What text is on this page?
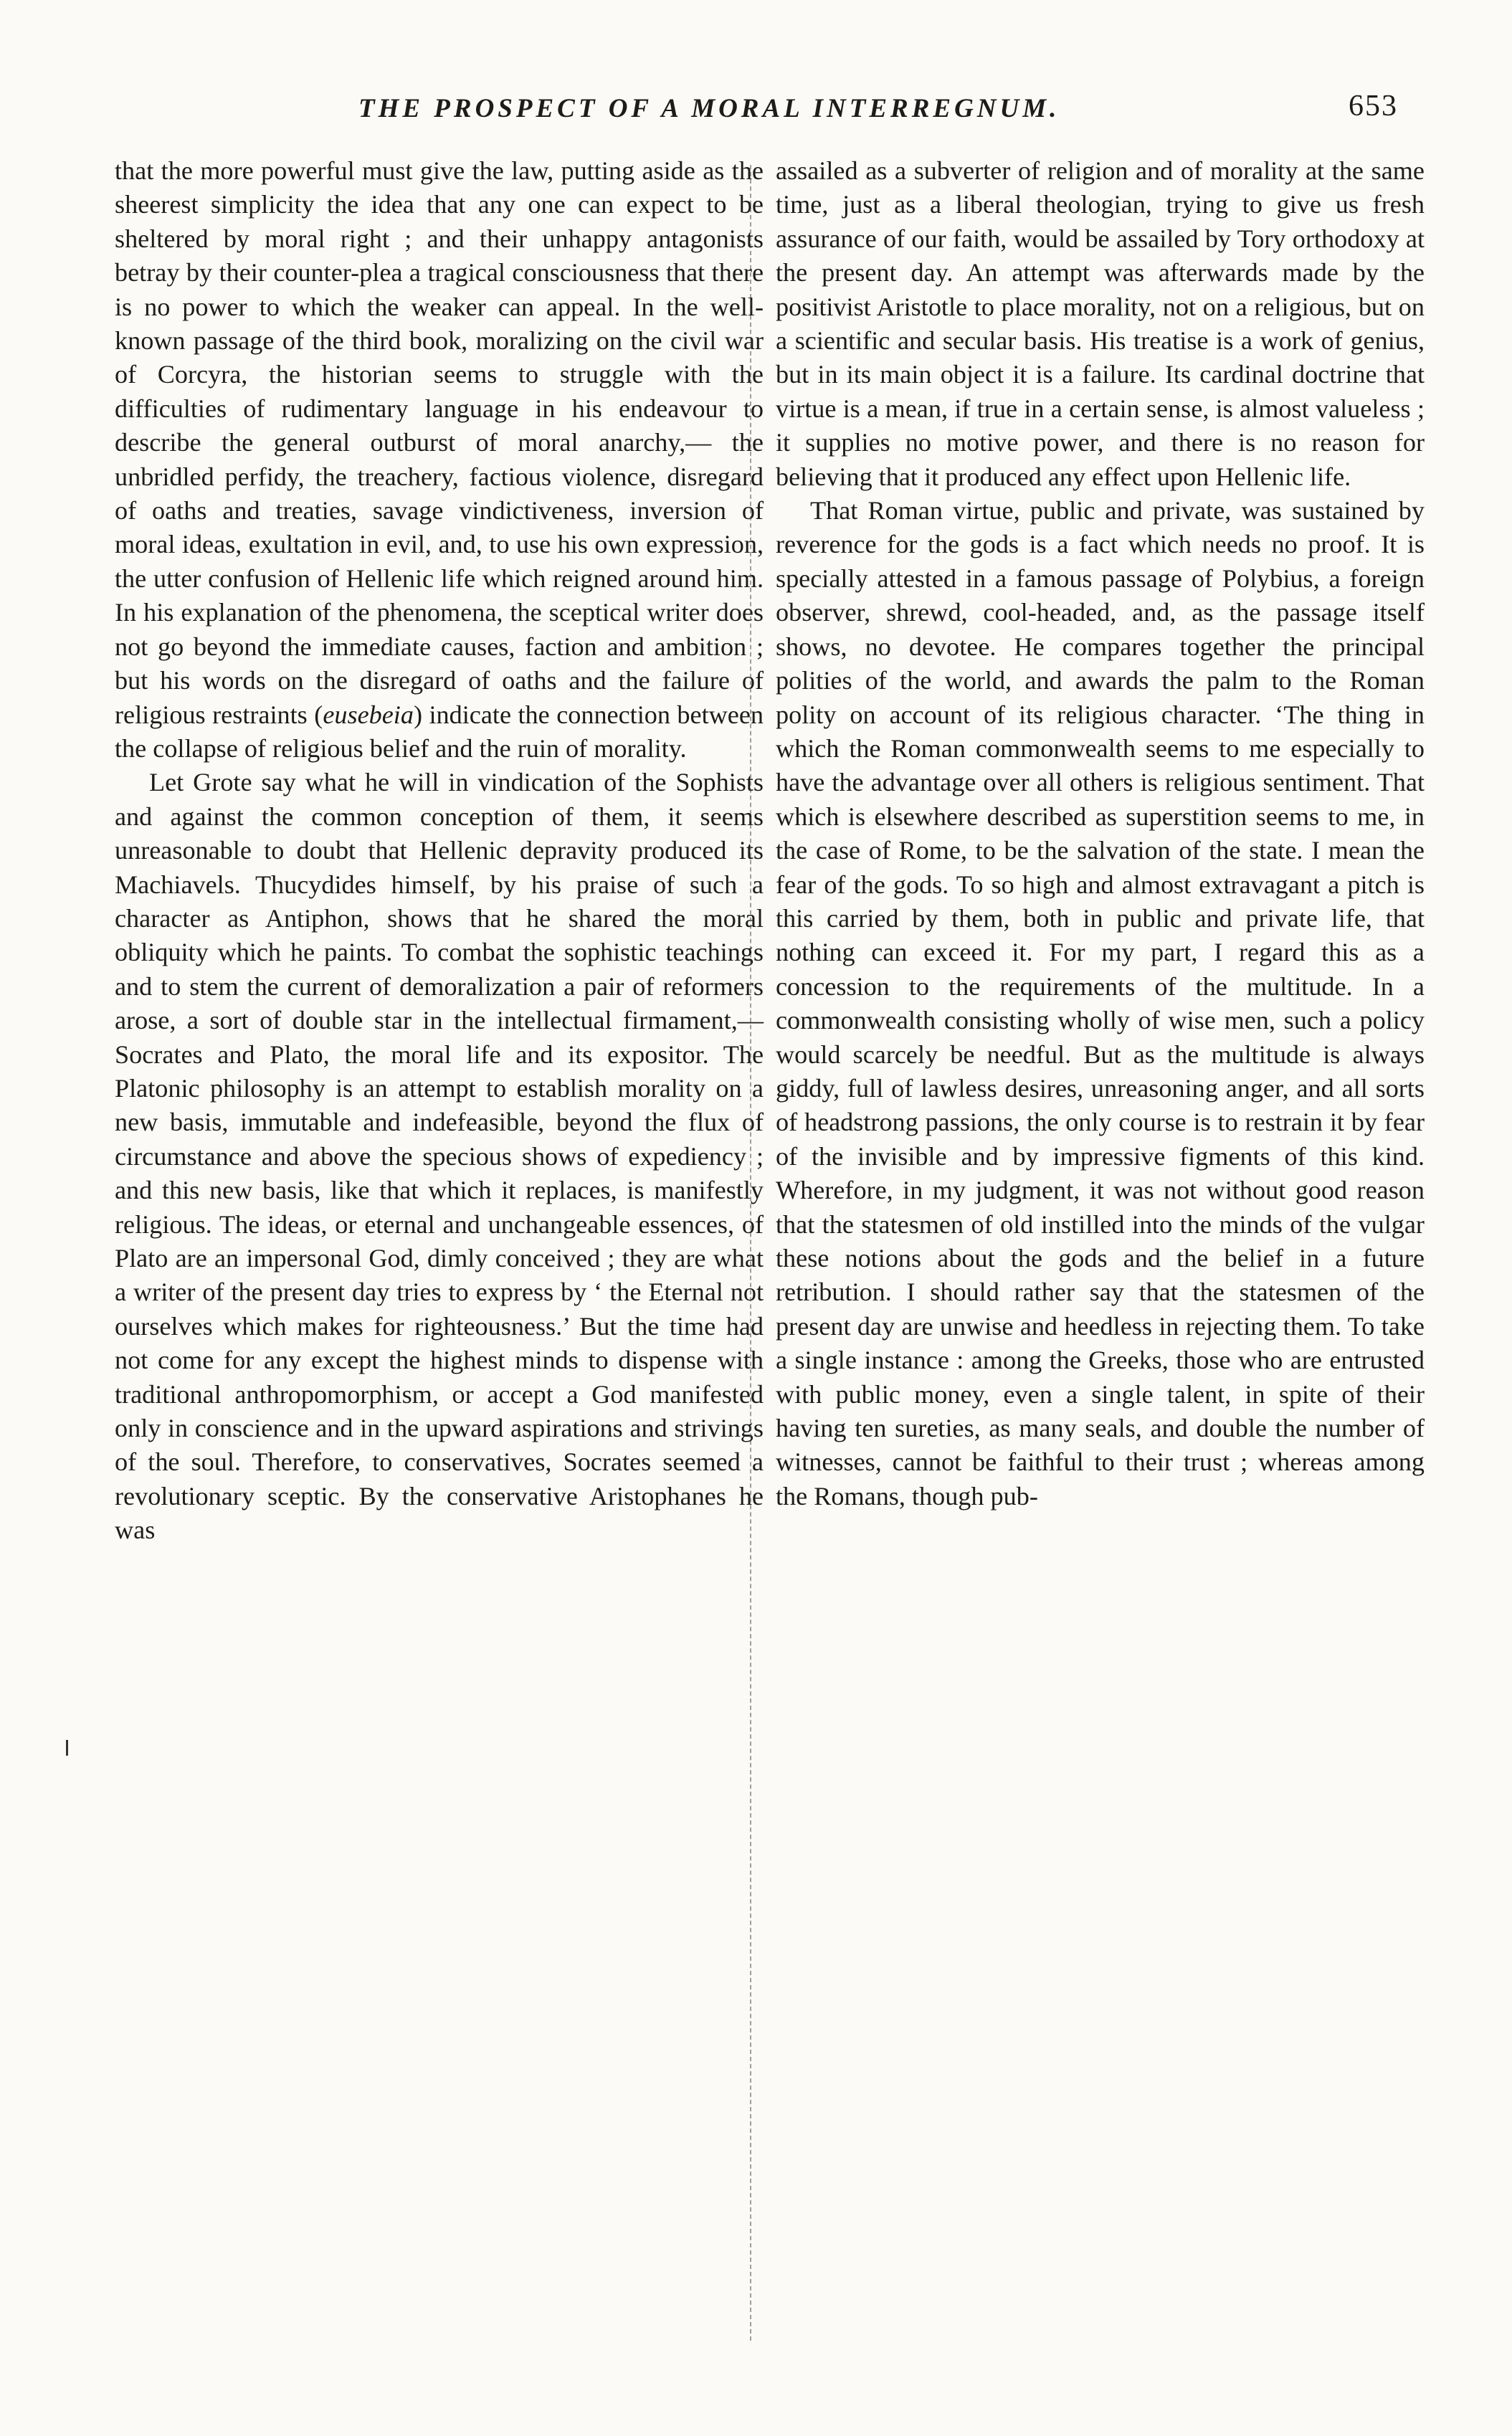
THE PROSPECT OF A MORAL INTERREGNUM.	653

that the more powerful must give the law, putting aside as the sheerest simplicity the idea that any one can expect to be sheltered by moral right ; and their unhappy antagonists betray by their counter-plea a tragical consciousness that there is no power to which the weaker can appeal. In the well-known passage of the third book, moralizing on the civil war of Corcyra, the historian seems to struggle with the difficulties of rudimentary language in his endeavour to describe the general outburst of moral anarchy,— the unbridled perfidy, the treachery, factious violence, disregard of oaths and treaties, savage vindictiveness, inversion of moral ideas, exultation in evil, and, to use his own expression, the utter confusion of Hellenic life which reigned around him. In his explanation of the phenomena, the sceptical writer does not go beyond the immediate causes, faction and ambition ; but his words on the disregard of oaths and the failure of religious restraints (eusebeia) indicate the connection between the collapse of religious belief and the ruin of morality.

Let Grote say what he will in vindication of the Sophists and against the common conception of them, it seems unreasonable to doubt that Hellenic depravity produced its Machiavels. Thucydides himself, by his praise of such a character as Antiphon, shows that he shared the moral obliquity which he paints. To combat the sophistic teachings and to stem the current of demoralization a pair of reformers arose, a sort of double star in the intellectual firmament,—Socrates and Plato, the moral life and its expositor. The Platonic philosophy is an attempt to establish morality on a new basis, immutable and indefeasible, beyond the flux of circumstance and above the specious shows of expediency ; and this new basis, like that which it replaces, is manifestly religious. The ideas, or eternal and unchangeable essences, of Plato are an impersonal God, dimly conceived ; they are what a writer of the present day tries to express by ‘ the Eternal not ourselves which makes for righteousness.’ But the time had not come for any except the highest minds to dispense with traditional anthropomorphism, or accept a God manifested only in conscience and in the upward aspirations and strivings of the soul. Therefore, to conservatives, Socrates seemed a revolutionary sceptic. By the conservative Aristophanes he was

assailed as a subverter of religion and of morality at the same time, just as a liberal theologian, trying to give us fresh assurance of our faith, would be assailed by Tory orthodoxy at the present day. An attempt was afterwards made by the positivist Aristotle to place morality, not on a religious, but on a scientific and secular basis. His treatise is a work of genius, but in its main object it is a failure. Its cardinal doctrine that virtue is a mean, if true in a certain sense, is almost valueless ; it supplies no motive power, and there is no reason for believing that it produced any effect upon Hellenic life.

That Roman virtue, public and private, was sustained by reverence for the gods is a fact which needs no proof. It is specially attested in a famous passage of Polybius, a foreign observer, shrewd, cool-headed, and, as the passage itself shows, no devotee. He compares together the principal polities of the world, and awards the palm to the Roman polity on account of its religious character. ‘The thing in which the Roman commonwealth seems to me especially to have the advantage over all others is religious sentiment. That which is elsewhere described as superstition seems to me, in the case of Rome, to be the salvation of the state. I mean the fear of the gods. To so high and almost extravagant a pitch is this carried by them, both in public and private life, that nothing can exceed it. For my part, I regard this as a concession to the requirements of the multitude. In a commonwealth consisting wholly of wise men, such a policy would scarcely be needful. But as the multitude is always giddy, full of lawless desires, unreasoning anger, and all sorts of headstrong passions, the only course is to restrain it by fear of the invisible and by impressive figments of this kind. Wherefore, in my judgment, it was not without good reason that the statesmen of old instilled into the minds of the vulgar these notions about the gods and the belief in a future retribution. I should rather say that the statesmen of the present day are unwise and heedless in rejecting them. To take a single instance : among the Greeks, those who are entrusted with public money, even a single talent, in spite of their having ten sureties, as many seals, and double the number of witnesses, cannot be faithful to their trust ; whereas among the Romans, though pub-
